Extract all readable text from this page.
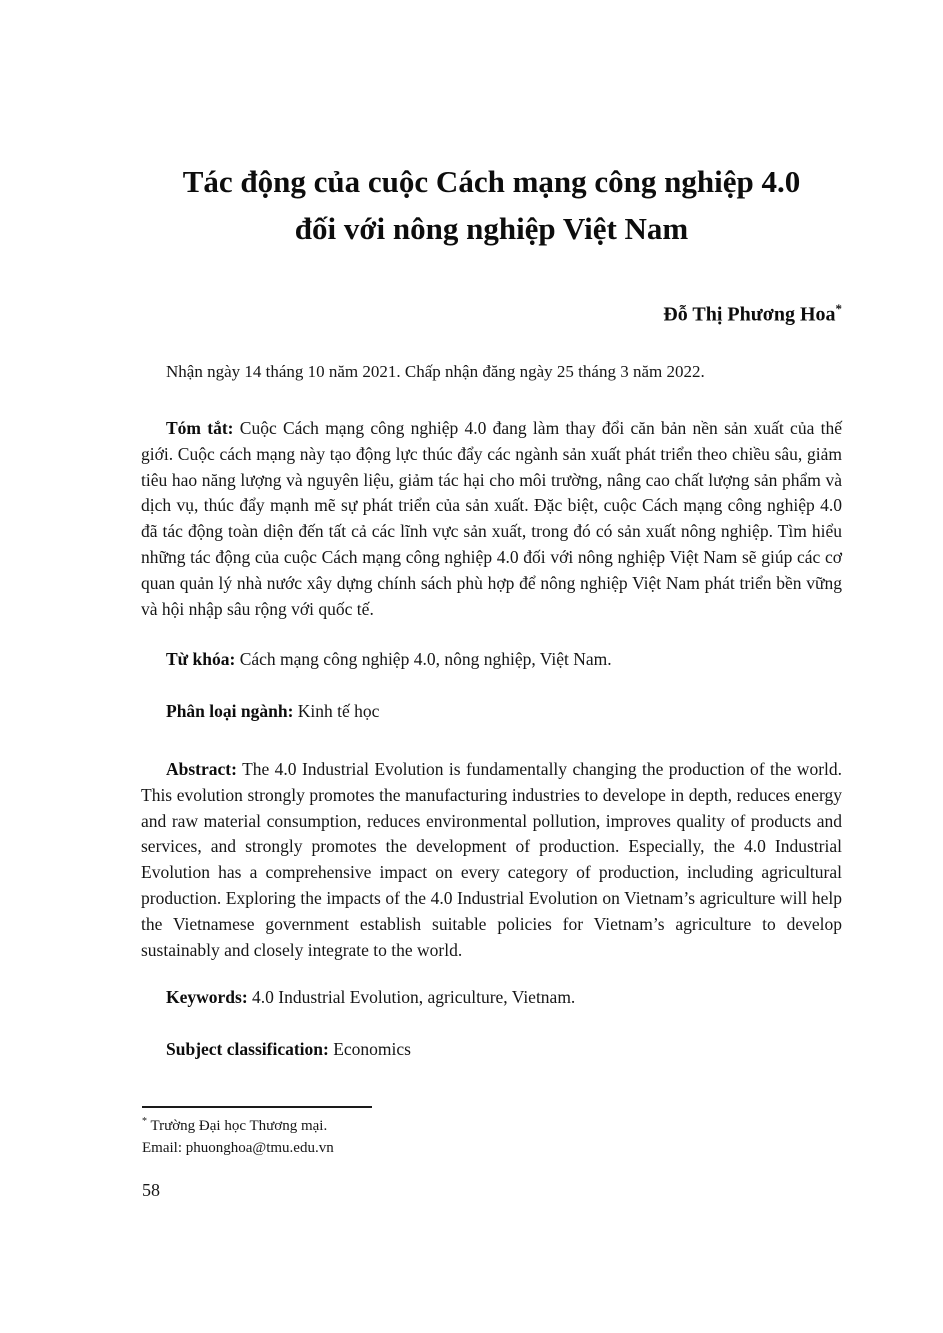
Tác động của cuộc Cách mạng công nghiệp 4.0
đối với nông nghiệp Việt Nam
Đỗ Thị Phương Hoa*
Nhận ngày 14 tháng 10 năm 2021. Chấp nhận đăng ngày 25 tháng 3 năm 2022.

Tóm tắt: Cuộc Cách mạng công nghiệp 4.0 đang làm thay đổi căn bản nền sản xuất của thế giới. Cuộc cách mạng này tạo động lực thúc đẩy các ngành sản xuất phát triển theo chiều sâu, giảm tiêu hao năng lượng và nguyên liệu, giảm tác hại cho môi trường, nâng cao chất lượng sản phẩm và dịch vụ, thúc đẩy mạnh mẽ sự phát triển của sản xuất. Đặc biệt, cuộc Cách mạng công nghiệp 4.0 đã tác động toàn diện đến tất cả các lĩnh vực sản xuất, trong đó có sản xuất nông nghiệp. Tìm hiểu những tác động của cuộc Cách mạng công nghiệp 4.0 đối với nông nghiệp Việt Nam sẽ giúp các cơ quan quản lý nhà nước xây dựng chính sách phù hợp để nông nghiệp Việt Nam phát triển bền vững và hội nhập sâu rộng với quốc tế.

Từ khóa: Cách mạng công nghiệp 4.0, nông nghiệp, Việt Nam.

Phân loại ngành: Kinh tế học

Abstract: The 4.0 Industrial Evolution is fundamentally changing the production of the world. This evolution strongly promotes the manufacturing industries to develope in depth, reduces energy and raw material consumption, reduces environmental pollution, improves quality of products and services, and strongly promotes the development of production. Especially, the 4.0 Industrial Evolution has a comprehensive impact on every category of production, including agricultural production. Exploring the impacts of the 4.0 Industrial Evolution on Vietnam’s agriculture will help the Vietnamese government establish suitable policies for Vietnam’s agriculture to develop sustainably and closely integrate to the world.

Keywords: 4.0 Industrial Evolution, agriculture, Vietnam.

Subject classification: Economics

* Trường Đại học Thương mại.
Email: phuonghoa@tmu.edu.vn
58
